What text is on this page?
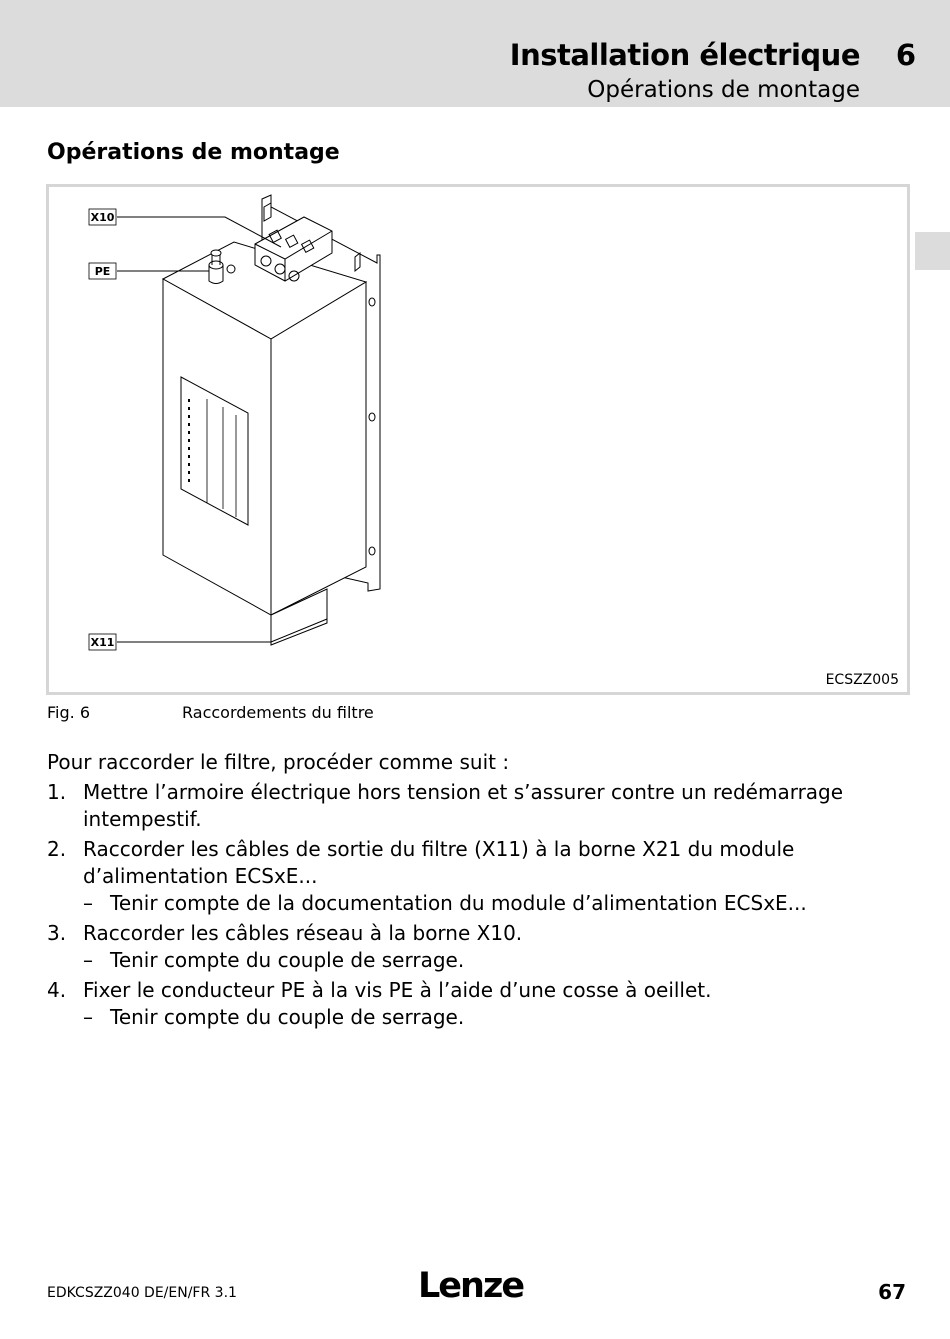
Installation électrique 6
Opérations de montage
Opérations de montage
X10
PE
X11
ECSZZ005
Fig. 6	Raccordements du filtre

Pour raccorder le filtre, procéder comme suit :

1. Mettre l’armoire électrique hors tension et s’assurer contre un redémarrage intempestif.
2. Raccorder les câbles de sortie du filtre (X11) à la borne X21 du module d’alimentation ECSxE...
– Tenir compte de la documentation du module d’alimentation ECSxE...
3. Raccorder les câbles réseau à la borne X10.
– Tenir compte du couple de serrage.
4. Fixer le conducteur PE à la vis PE à l’aide d’une cosse à oeillet.
– Tenir compte du couple de serrage.
EDKCSZZ040 DE/EN/FR 3.1	Lenze	67
